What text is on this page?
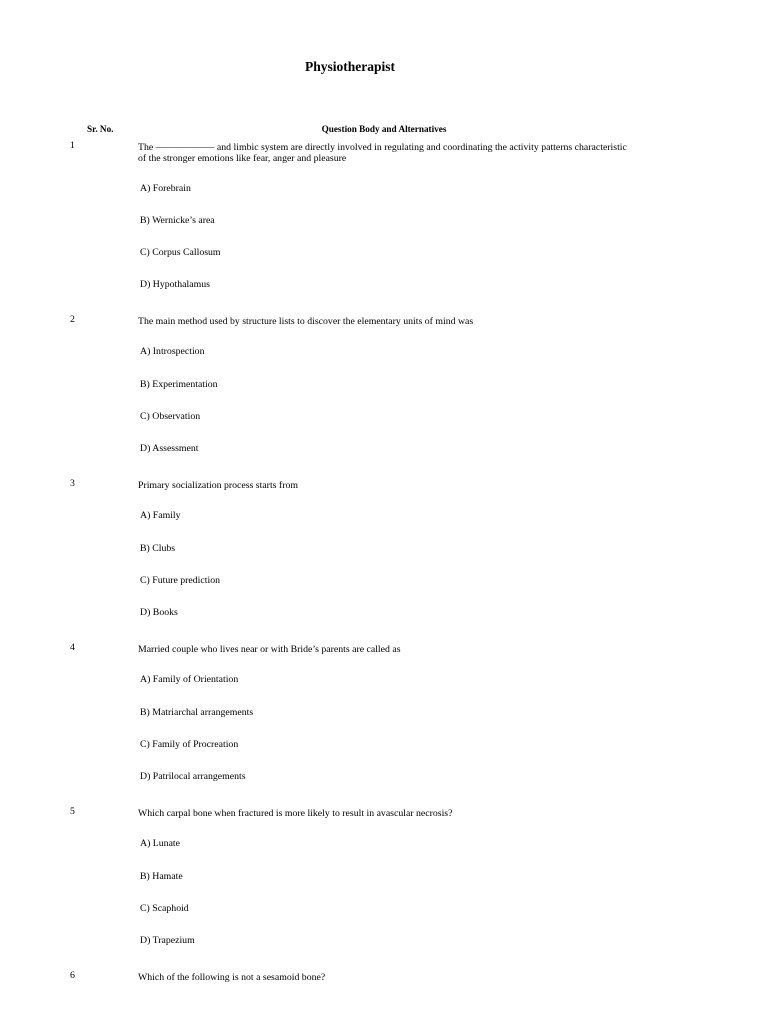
Physiotherapist
Sr. No.	Question Body and Alternatives
1	The —————— and limbic system are directly involved in regulating and coordinating the activity patterns characteristic
of the stronger emotions like fear, anger and pleasure
A) Forebrain
B) Wernicke’s area
C) Corpus Callosum
D) Hypothalamus
2	The main method used by structure lists to discover the elementary units of mind was
A) Introspection
B) Experimentation
C) Observation
D) Assessment
3	Primary socialization process starts from
A) Family
B) Clubs
C) Future prediction
D) Books
4	Married couple who lives near or with Bride’s parents are called as
A) Family of Orientation
B) Matriarchal arrangements
C) Family of Procreation
D) Patrilocal arrangements
5	Which carpal bone when fractured is more likely to result in avascular necrosis?
A) Lunate
B) Hamate
C) Scaphoid
D) Trapezium
6	Which of the following is not a sesamoid bone?
